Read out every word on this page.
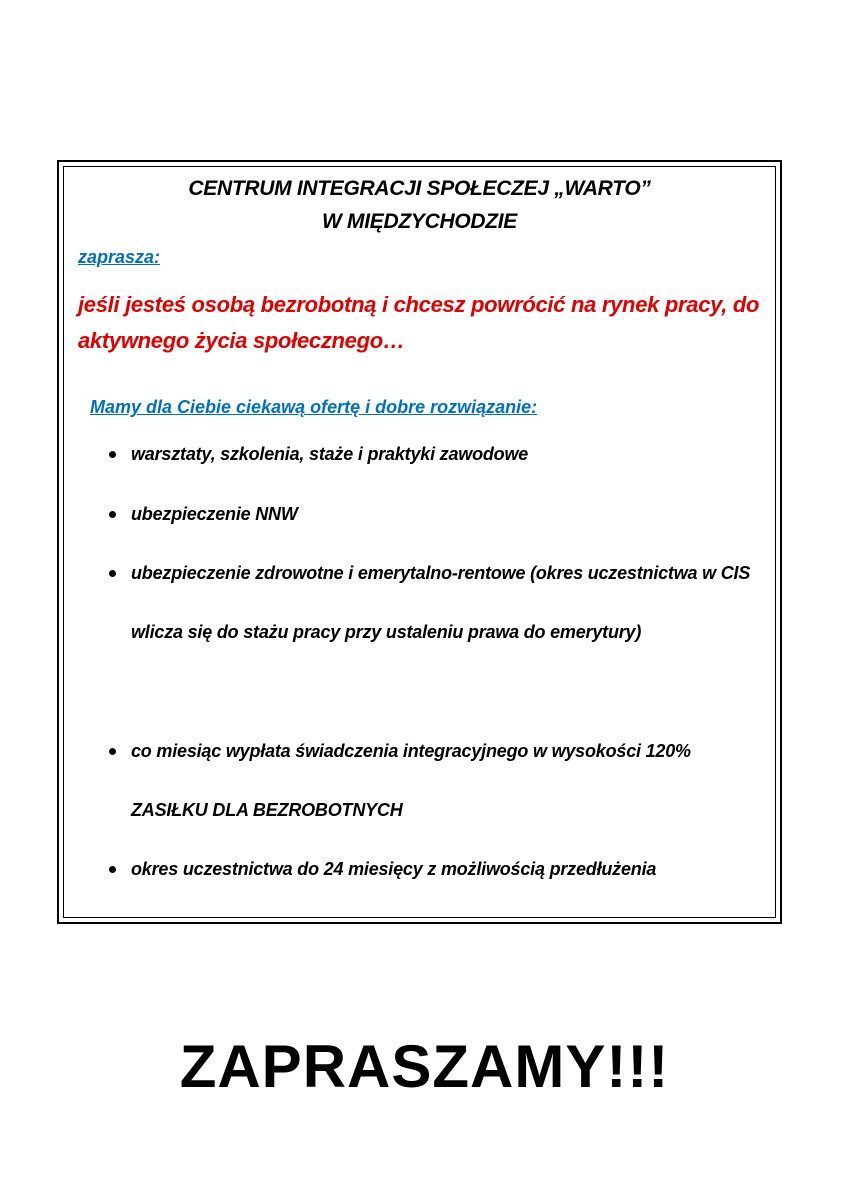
CENTRUM INTEGRACJI SPOŁECZEJ „WARTO”
W MIĘDZYCHODZIE
zaprasza:
jeśli jesteś osobą bezrobotną i chcesz powrócić na rynek pracy, do aktywnego życia społecznego…
Mamy dla Ciebie ciekawą ofertę i dobre rozwiązanie:
warsztaty, szkolenia, staże i praktyki zawodowe
ubezpieczenie NNW
ubezpieczenie zdrowotne i emerytalno-rentowe (okres uczestnictwa w CIS wlicza się do stażu pracy przy ustaleniu prawa do emerytury)
co miesiąc wypłata świadczenia integracyjnego w wysokości 120% ZASIŁKU DLA BEZROBOTNYCH
okres uczestnictwa do 24 miesięcy z możliwością przedłużenia
ZAPRASZAMY!!!
